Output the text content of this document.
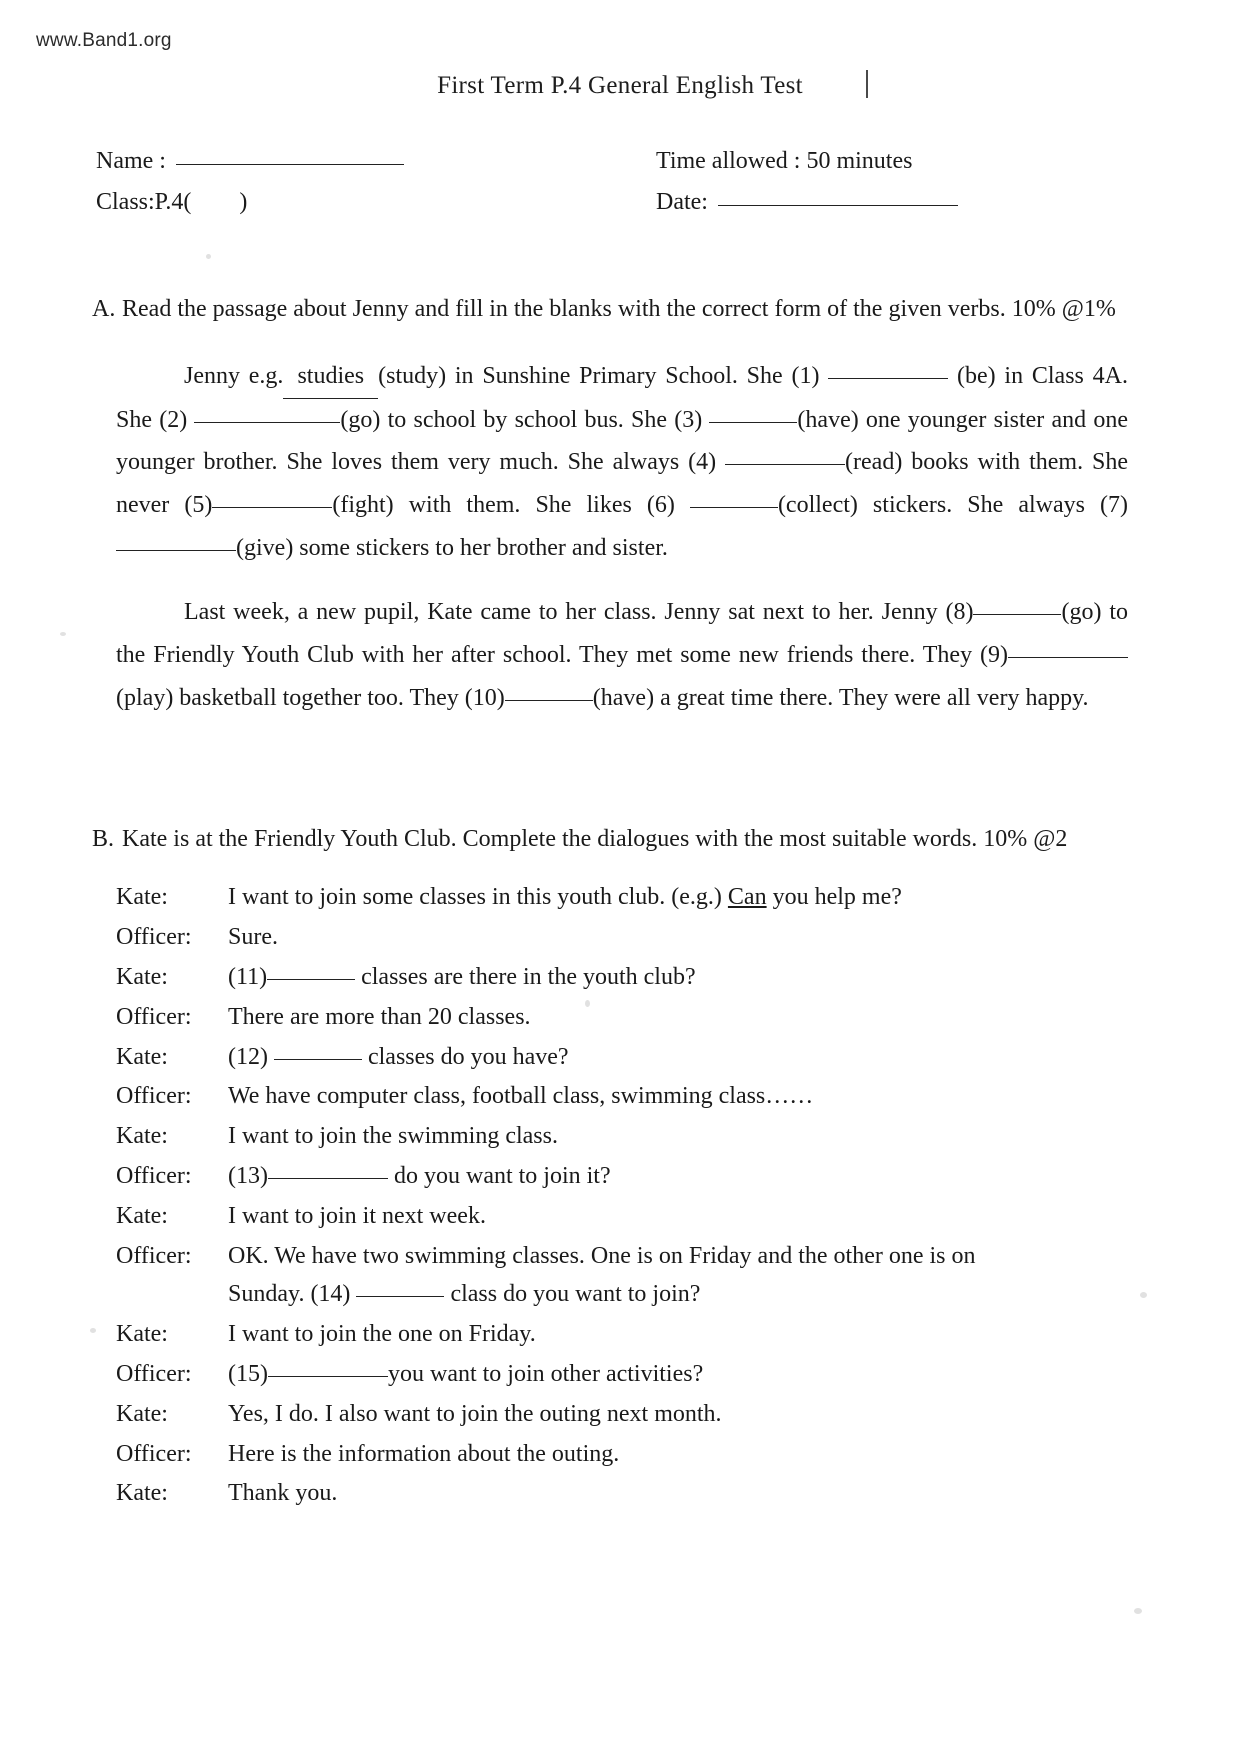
www.Band1.org
First Term P.4 General English Test
Name :	Time allowed : 50 minutes
Class:P.4(        )	Date:
A. Read the passage about Jenny and fill in the blanks with the correct form of the given verbs. 10% @1%

Jenny e.g. studies (study) in Sunshine Primary School. She (1)	(be) in Class 4A. She (2)	(go) to school by school bus. She (3)	(have) one younger sister and one younger brother. She loves them very much. She always (4)	(read) books with them. She never (5)	(fight) with them. She likes (6)	(collect) stickers. She always (7)(give) some stickers to her brother and sister.

Last week, a new pupil, Kate came to her class. Jenny sat next to her. Jenny (8)	(go) to the Friendly Youth Club with her after school. They met some new friends there. They (9)(play) basketball together too. They (10)	(have) a great time there. They were all very happy.

B. Kate is at the Friendly Youth Club. Complete the dialogues with the most suitable words. 10% @2
Kate:	I want to join some classes in this youth club. (e.g.) Can you help me?
Officer:	Sure.
Kate:	(11)	classes are there in the youth club?
Officer:	There are more than 20 classes.
Kate:	(12)	classes do you have?
Officer:	We have computer class, football class, swimming class……
Kate:	I want to join the swimming class.
Officer:	(13)	do you want to join it?
Kate:	I want to join it next week.
Officer:	OK. We have two swimming classes. One is on Friday and the other one is on
Sunday. (14)	class do you want to join?
Kate:	I want to join the one on Friday.
Officer:	(15)	you want to join other activities?
Kate:	Yes, I do. I also want to join the outing next month.
Officer:	Here is the information about the outing.
Kate:	Thank you.
